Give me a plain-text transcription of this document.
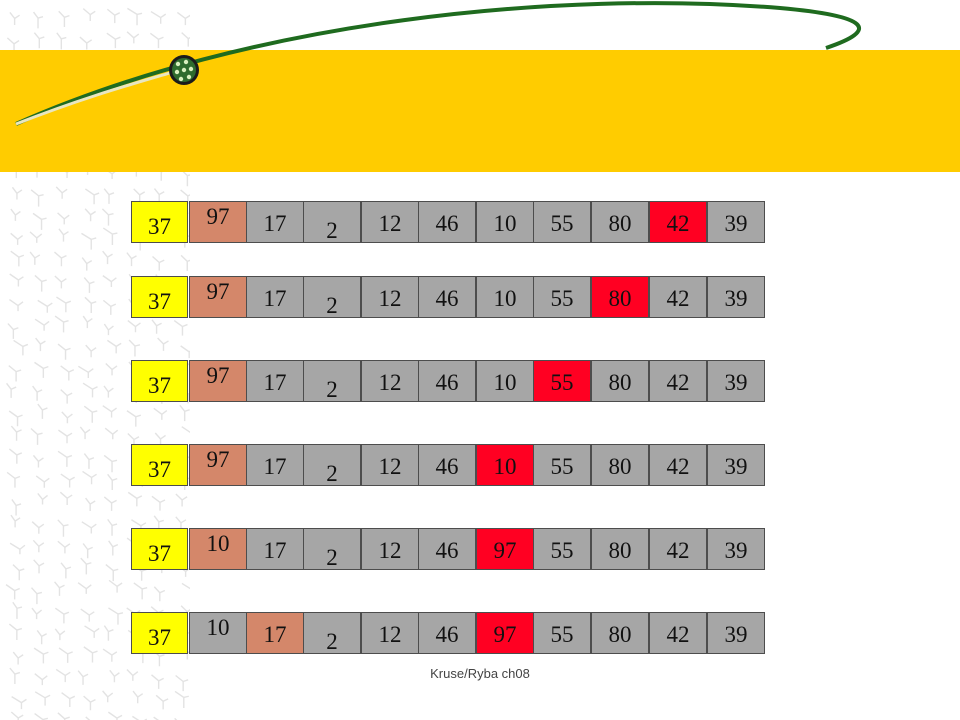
37	97	17	2	12	46	10	55	80	42	39
37	97	17	2	12	46	10	55	80	42	39
37	97	17	2	12	46	10	55	80	42	39
37	97	17	2	12	46	10	55	80	42	39
37	10	17	2	12	46	97	55	80	42	39
37	10	17	2	12	46	97	55	80	42	39
Kruse/Ryba ch08
